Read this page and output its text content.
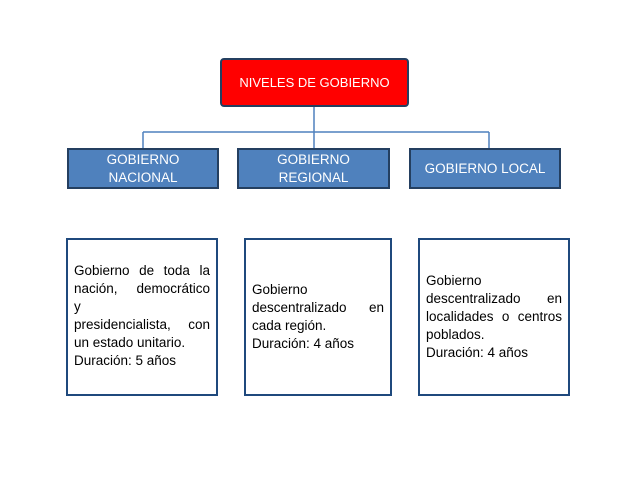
NIVELES DE GOBIERNO
GOBIERNO
NACIONAL
GOBIERNO
REGIONAL
GOBIERNO LOCAL
Gobierno de toda la
nación, democrático
y
presidencialista, con
un estado unitario.
Duración: 5 años
Gobierno
descentralizado en
cada región.
Duración: 4 años
Gobierno
descentralizado en
localidades o centros
poblados.
Duración: 4 años
